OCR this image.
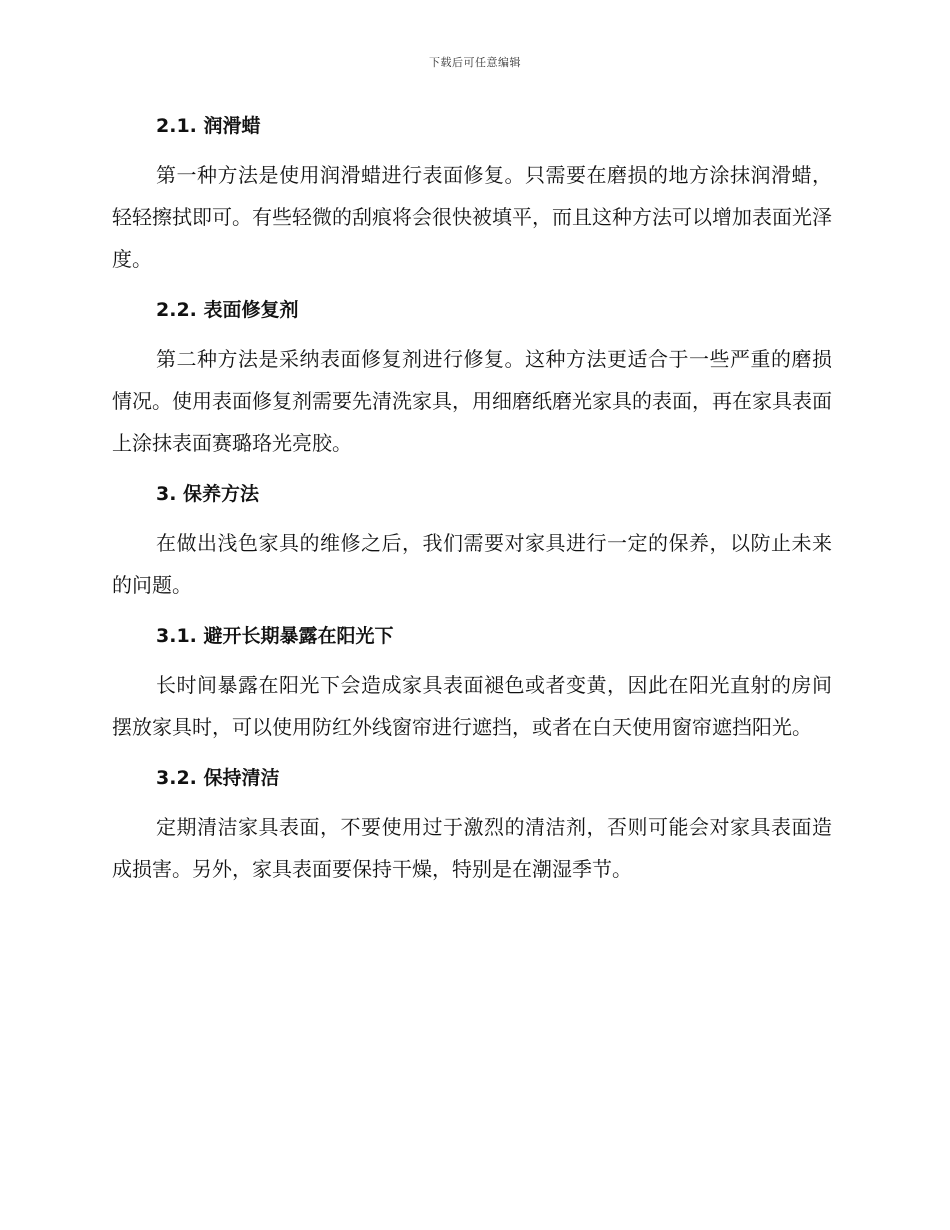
下载后可任意编辑
2.1. 润滑蜡

第一种方法是使用润滑蜡进行表面修复。只需要在磨损的地方涂抹润滑蜡，轻轻擦拭即可。有些轻微的刮痕将会很快被填平，而且这种方法可以增加表面光泽度。

2.2. 表面修复剂

第二种方法是采纳表面修复剂进行修复。这种方法更适合于一些严重的磨损情况。使用表面修复剂需要先清洗家具，用细磨纸磨光家具的表面，再在家具表面上涂抹表面赛璐珞光亮胶。

3. 保养方法

在做出浅色家具的维修之后，我们需要对家具进行一定的保养，以防止未来的问题。

3.1. 避开长期暴露在阳光下

长时间暴露在阳光下会造成家具表面褪色或者变黄，因此在阳光直射的房间摆放家具时，可以使用防红外线窗帘进行遮挡，或者在白天使用窗帘遮挡阳光。

3.2. 保持清洁

定期清洁家具表面，不要使用过于激烈的清洁剂，否则可能会对家具表面造成损害。另外，家具表面要保持干燥，特别是在潮湿季节。
